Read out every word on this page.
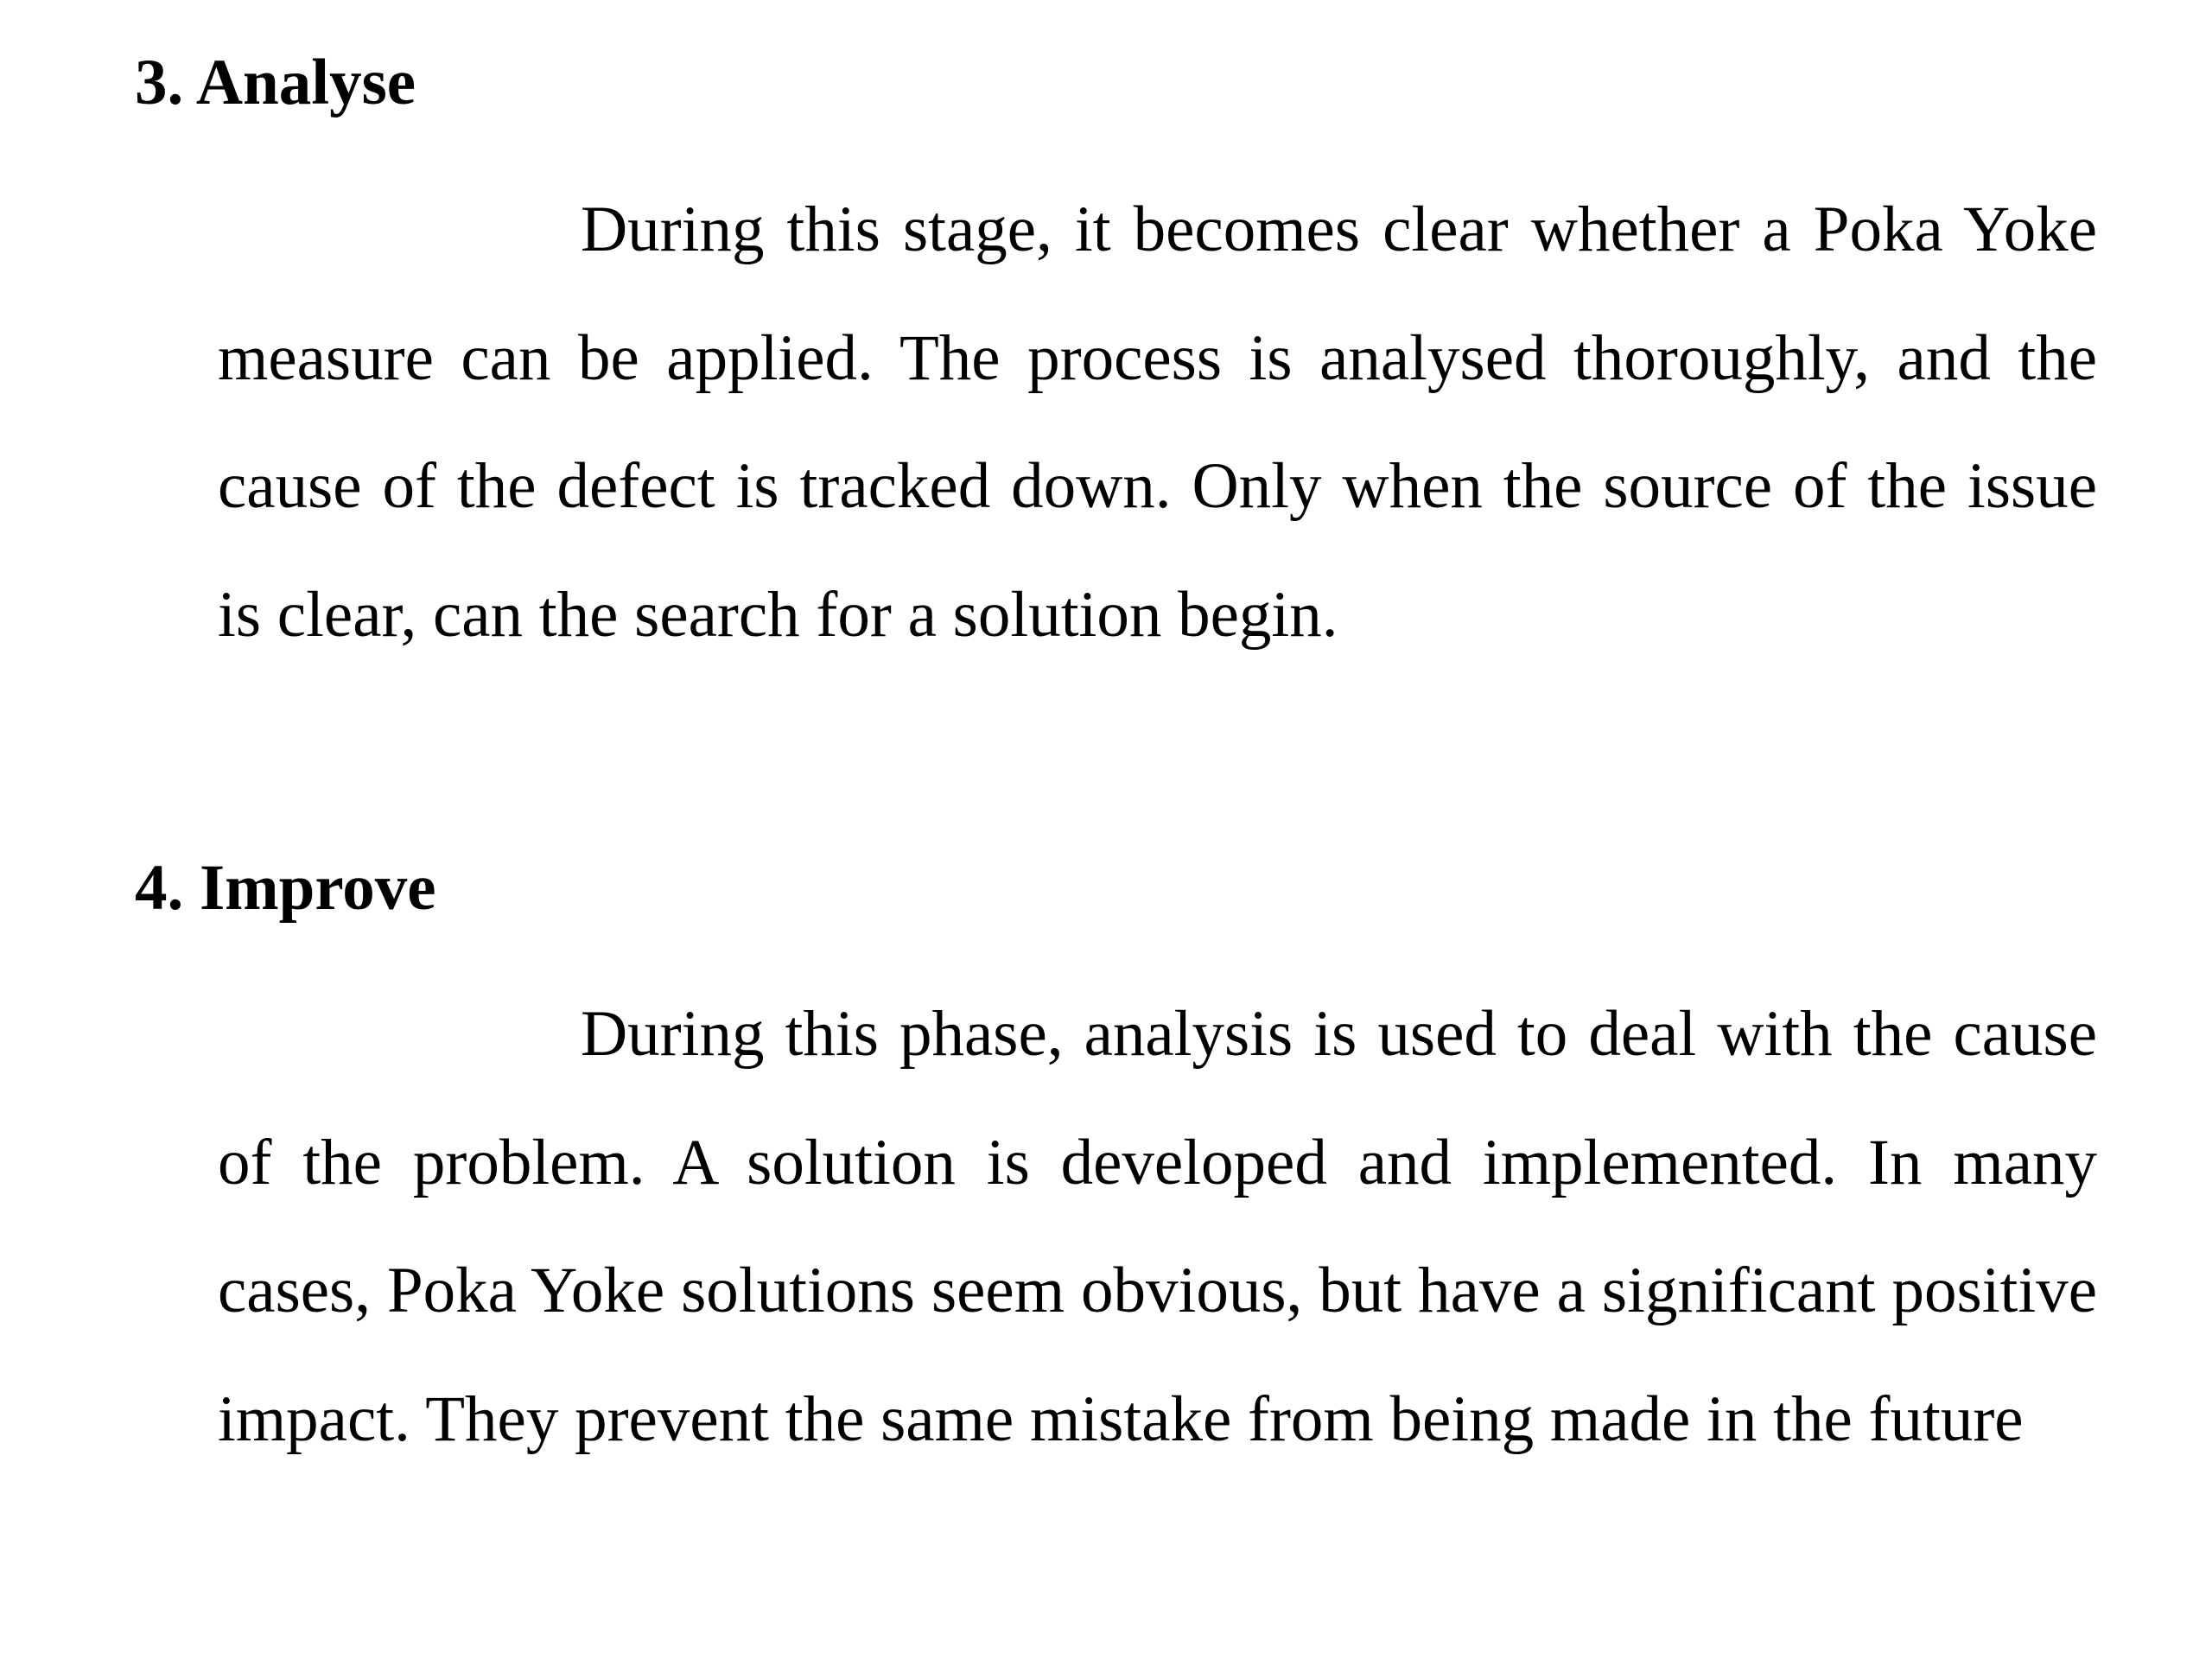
3. Analyse

During this stage, it becomes clear whether a Poka Yoke measure can be applied. The process is analysed thoroughly, and the cause of the defect is tracked down. Only when the source of the issue is clear, can the search for a solution begin.

4. Improve

During this phase, analysis is used to deal with the cause of the problem. A solution is developed and implemented. In many cases, Poka Yoke solutions seem obvious, but have a significant positive impact. They prevent the same mistake from being made in the future
